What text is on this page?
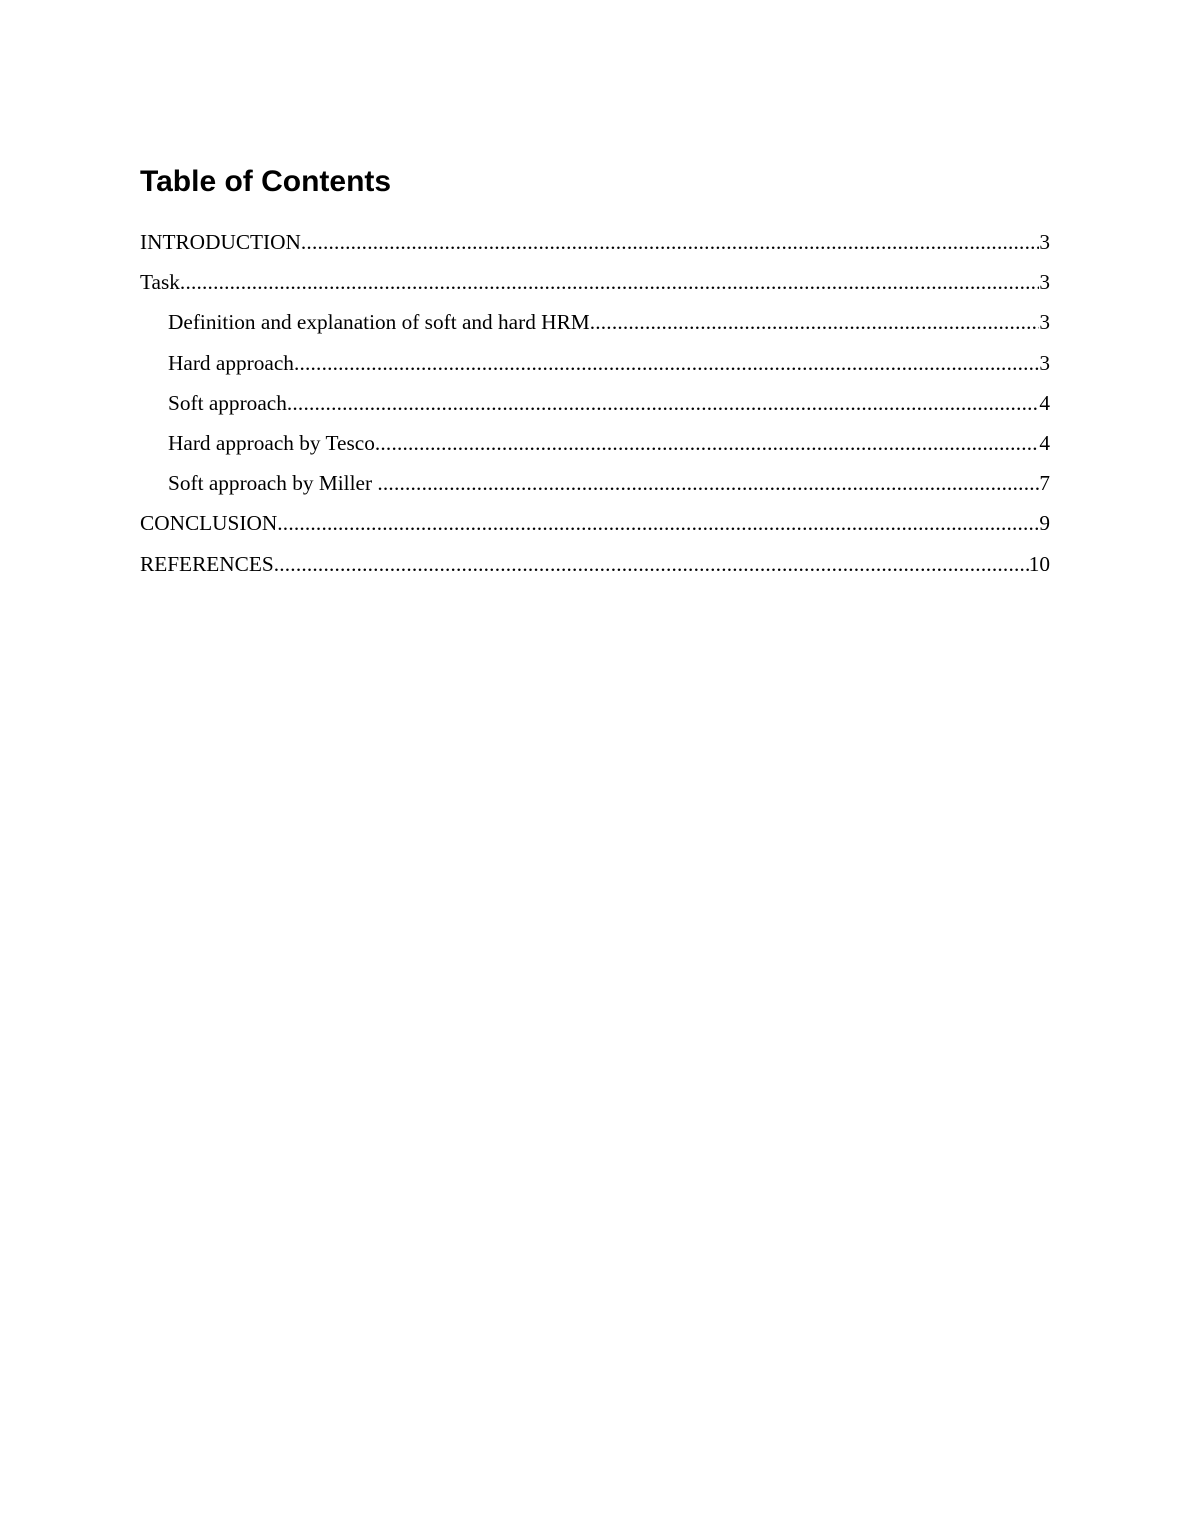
Table of Contents
INTRODUCTION .....	3
Task .....	3
Definition and explanation of soft and hard HRM .....	3
Hard approach .....	3
Soft approach .....	4
Hard approach by Tesco .....	4
Soft approach by Miller .....	7
CONCLUSION .....	9
REFERENCES .....	10
